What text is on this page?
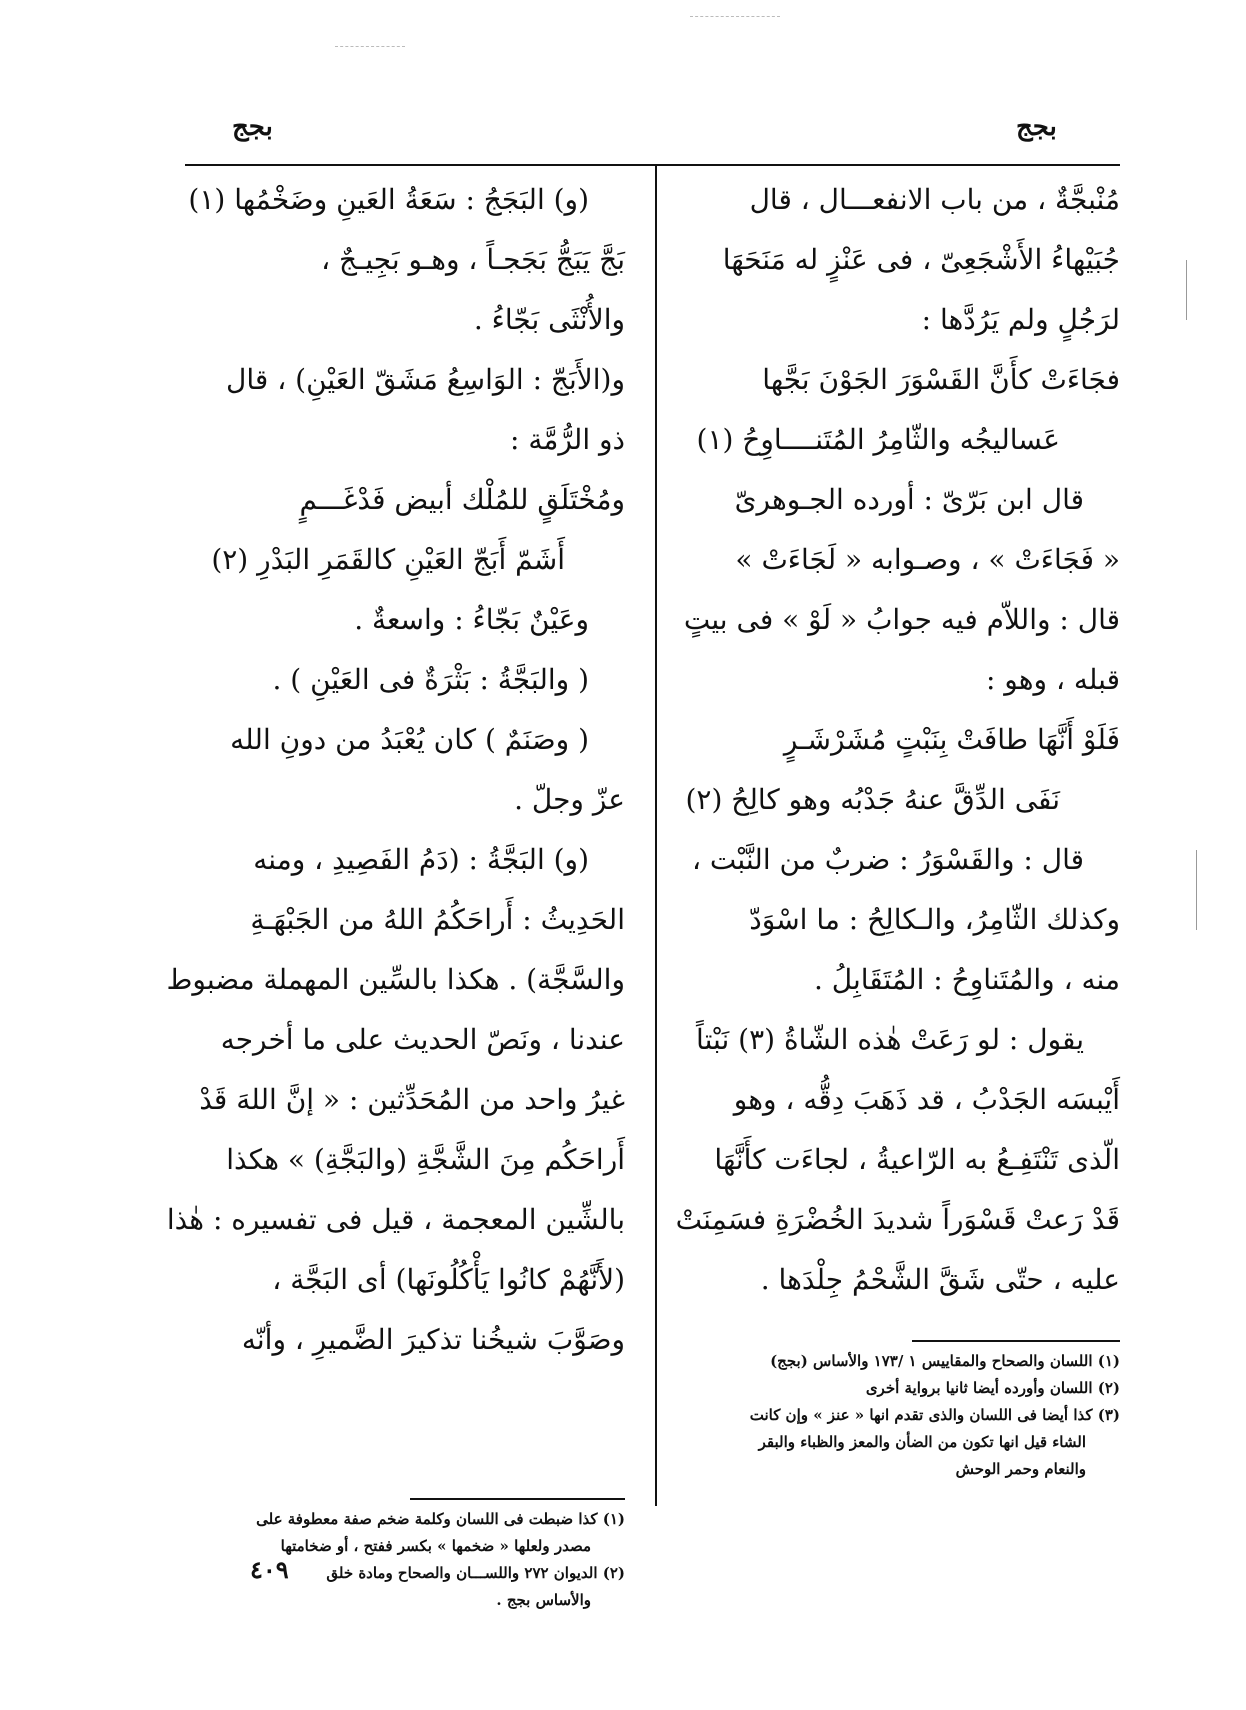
بجج
بجج
مُنْبجَّةٌ ، من باب الانفعـــال ، قال
جُبَيْهاءُ الأَشْجَعِىّ ، فى عَنْزٍ له مَنَحَهَا
لرَجُلٍ ولم يَرُدَّها :
فجَاءَتْ كأَنَّ القَسْوَرَ الجَوْنَ بَجَّها
عَساليجُه والثّامِرُ المُتَنــــاوِحُ (١)
قال ابن بَرّىّ : أورده الجـوهرىّ
« فَجَاءَتْ » ، وصـوابه « لَجَاءَتْ »
قال : واللاّم فيه جوابُ « لَوْ » فى بيتٍ
قبله ، وهو :
فَلَوْ أَنَّهَا طافَتْ بِنَبْتٍ مُشَرْشَـرٍ
نَفَى الدِّقَّ عنهُ جَدْبُه وهو كالِحُ (٢)
قال : والقَسْوَرُ : ضربٌ من النَّبْت ،
وكذلك الثّامِرُ، والـكالِحُ : ما اسْوَدّ
منه ، والمُتَناوِحُ : المُتَقَابِلُ .
يقول : لو رَعَتْ هٰذه الشّاةُ (٣) نَبْتاً
أَيْبسَه الجَدْبُ ، قد ذَهَبَ دِقُّه ، وهو
الّذى تَنْتَفِـعُ به الرّاعيةُ ، لجاءَت كأَنَّهَا
قَدْ رَعتْ قَسْوَراً شديدَ الخُضْرَةِ فسَمِنَتْ
عليه ، حتّى شَقَّ الشَّحْمُ جِلْدَها .
(١) اللسان والصحاح والمقاييس ١ /١٧٣ والأساس (بجج)
(٢) اللسان وأورده أيضا ثانيا برواية أخرى
(٣) كذا أيضا فى اللسان والذى تقدم انها « عنز » وإن كانت
الشاء قيل انها تكون من الضأن والمعز والظباء والبقر
والنعام وحمر الوحش
(و) البَجَجُ : سَعَةُ العَينِ وضَخْمُها (١)
بَجَّ يَبَجُّ بَجَجـاً ، وهـو بَجِيـجٌ ،
والأُنْثَى بَجّاءُ .
و(الأَبَجّ : الوَاسِعُ مَشَقّ العَيْنِ) ، قال
ذو الرُّمَّة :
ومُخْتَلَقٍ للمُلْك أبيض فَدْغَـــمٍ
أَشَمّ أَبَجّ العَيْنِ كالقَمَرِ البَدْرِ (٢)
وعَيْنٌ بَجّاءُ : واسعةٌ .
( والبَجَّةُ : بَثْرَةٌ فى العَيْنِ ) .
( وصَنَمٌ ) كان يُعْبَدُ من دونِ الله
عزّ وجلّ .
(و) البَجَّةُ : (دَمُ الفَصِيدِ ، ومنه
الحَدِيثُ : أَراحَكُمُ اللهُ من الجَبْهَـةِ
والسَّجَّة) . هكذا بالسِّين المهملة مضبوط
عندنا ، ونَصّ الحديث على ما أخرجه
غيرُ واحد من المُحَدِّثين : « إنَّ اللهَ قَدْ
أَراحَكُم مِنَ الشَّجَّةِ (والبَجَّةِ) » هكذا
بالشِّين المعجمة ، قيل فى تفسيره : هٰذا
(لأَنَّهُمْ كانُوا يَأْكُلُونَها) أى البَجَّة ،
وصَوَّبَ شيخُنا تذكيرَ الضَّميرِ ، وأنّه
(١) كذا ضبطت فى اللسان وكلمة ضخم صفة معطوفة على
مصدر ولعلها « ضخمها » بكسر ففتح ، أو ضخامتها
(٢) الديوان ٢٧٢ واللســـان والصحاح ومادة خلق
والأساس بجج .
٤٠٩
